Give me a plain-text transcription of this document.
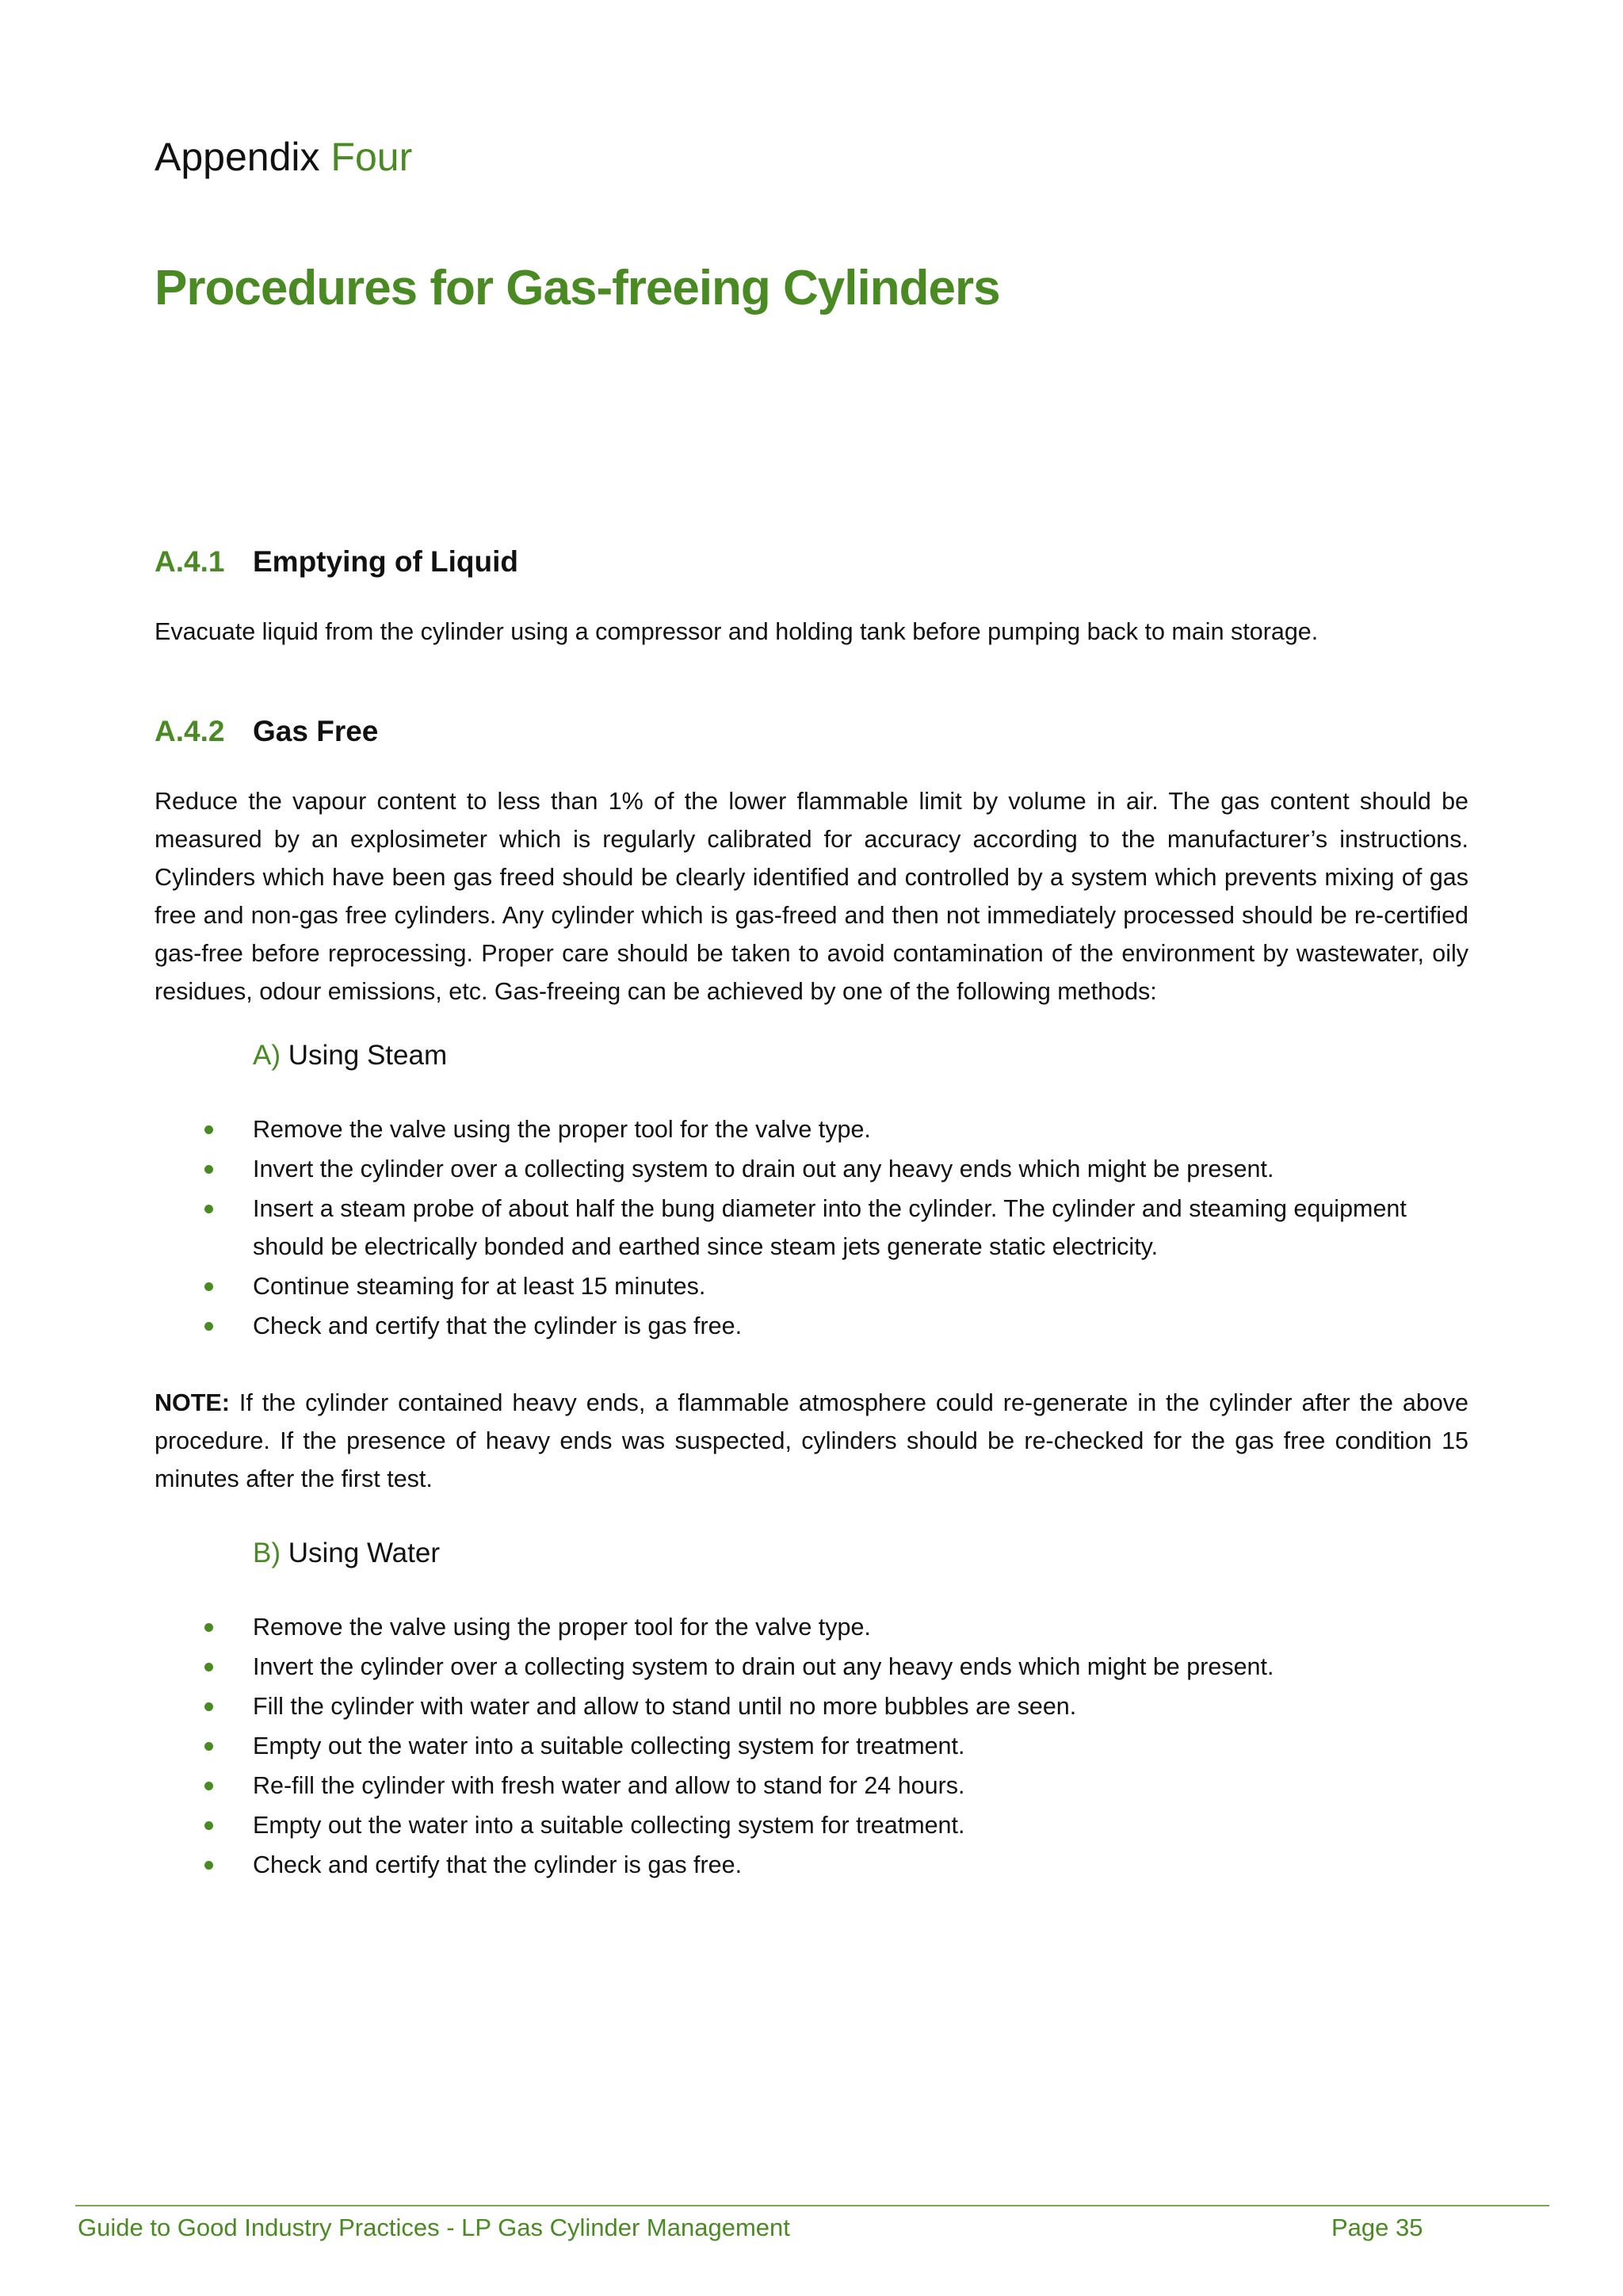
Appendix Four
Procedures for Gas-freeing Cylinders
A.4.1 Emptying of Liquid
Evacuate liquid from the cylinder using a compressor and holding tank before pumping back to main storage.
A.4.2 Gas Free
Reduce the vapour content to less than 1% of the lower flammable limit by volume in air. The gas content should be measured by an explosimeter which is regularly calibrated for accuracy according to the manufacturer’s instructions. Cylinders which have been gas freed should be clearly identified and controlled by a system which prevents mixing of gas free and non-gas free cylinders. Any cylinder which is gas-freed and then not immediately processed should be re-certified gas-free before reprocessing. Proper care should be taken to avoid contamination of the environment by wastewater, oily residues, odour emissions, etc. Gas-freeing can be achieved by one of the following methods:
A) Using Steam
Remove the valve using the proper tool for the valve type.
Invert the cylinder over a collecting system to drain out any heavy ends which might be present.
Insert a steam probe of about half the bung diameter into the cylinder. The cylinder and steaming equipment should be electrically bonded and earthed since steam jets generate static electricity.
Continue steaming for at least 15 minutes.
Check and certify that the cylinder is gas free.
NOTE: If the cylinder contained heavy ends, a flammable atmosphere could re-generate in the cylinder after the above procedure. If the presence of heavy ends was suspected, cylinders should be re-checked for the gas free condition 15 minutes after the first test.
B) Using Water
Remove the valve using the proper tool for the valve type.
Invert the cylinder over a collecting system to drain out any heavy ends which might be present.
Fill the cylinder with water and allow to stand until no more bubbles are seen.
Empty out the water into a suitable collecting system for treatment.
Re-fill the cylinder with fresh water and allow to stand for 24 hours.
Empty out the water into a suitable collecting system for treatment.
Check and certify that the cylinder is gas free.
Guide to Good Industry Practices - LP Gas Cylinder Management	Page 35
